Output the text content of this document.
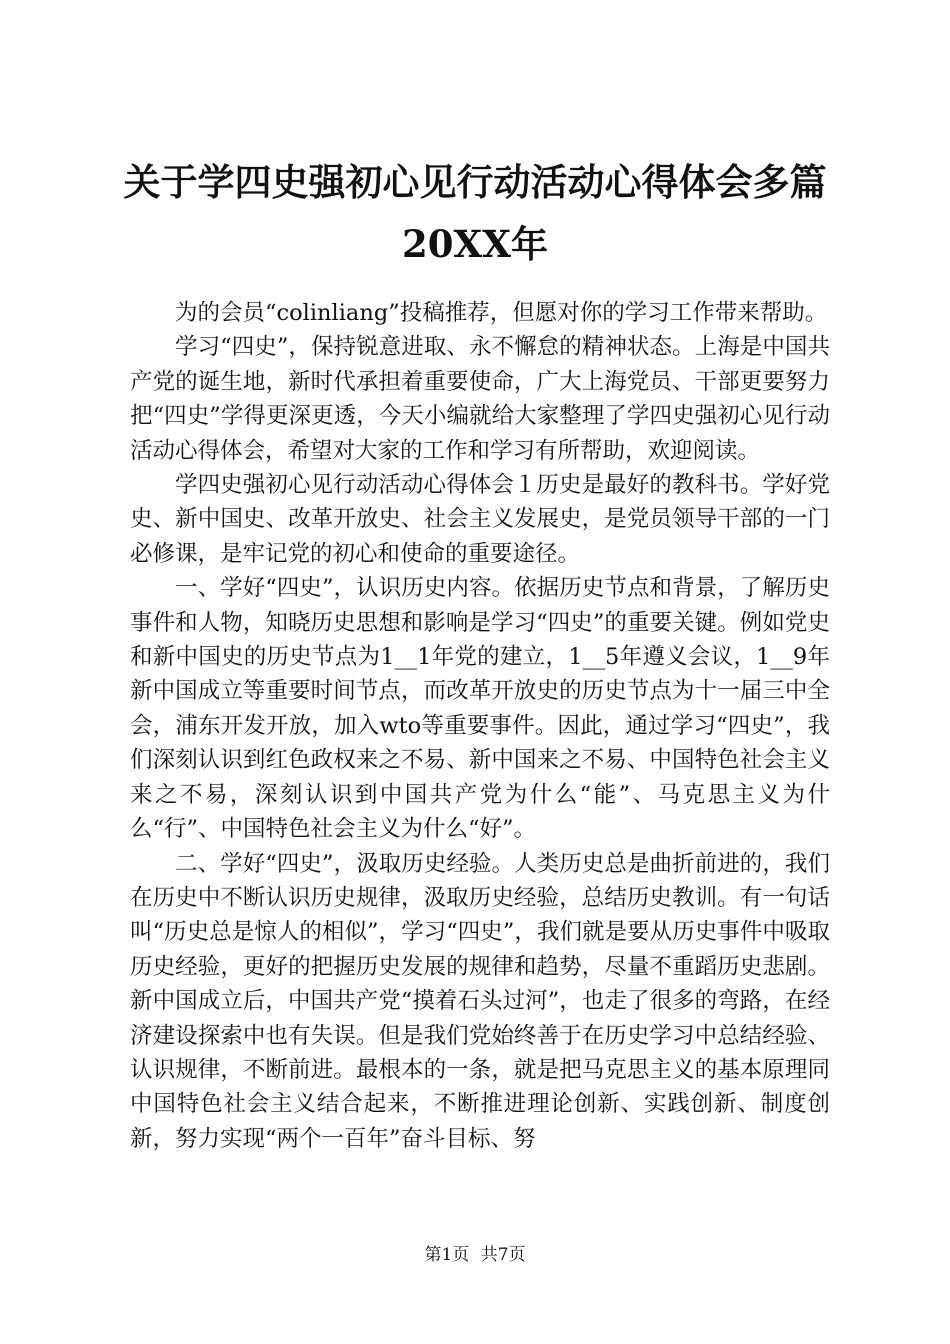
关于学四史强初心见行动活动心得体会多篇
20XX年

为的会员“colinliang”投稿推荐，但愿对你的学习工作带来帮助。

学习“四史”，保持锐意进取、永不懈怠的精神状态。上海是中国共产党的诞生地，新时代承担着重要使命，广大上海党员、干部更要努力把“四史”学得更深更透，今天小编就给大家整理了学四史强初心见行动活动心得体会，希望对大家的工作和学习有所帮助，欢迎阅读。

学四史强初心见行动活动心得体会１历史是最好的教科书。学好党史、新中国史、改革开放史、社会主义发展史，是党员领导干部的一门必修课，是牢记党的初心和使命的重要途径。

一、学好“四史”，认识历史内容。依据历史节点和背景，了解历史事件和人物，知晓历史思想和影响是学习“四史”的重要关键。例如党史和新中国史的历史节点为1__1年党的建立，1__5年遵义会议，1__9年新中国成立等重要时间节点，而改革开放史的历史节点为十一届三中全会，浦东开发开放，加入wto等重要事件。因此，通过学习“四史”，我们深刻认识到红色政权来之不易、新中国来之不易、中国特色社会主义来之不易，深刻认识到中国共产党为什么“能”、马克思主义为什么“行”、中国特色社会主义为什么“好”。

二、学好“四史”，汲取历史经验。人类历史总是曲折前进的，我们在历史中不断认识历史规律，汲取历史经验，总结历史教训。有一句话叫“历史总是惊人的相似”，学习“四史”，我们就是要从历史事件中吸取历史经验，更好的把握历史发展的规律和趋势，尽量不重蹈历史悲剧。新中国成立后，中国共产党“摸着石头过河”，也走了很多的弯路，在经济建设探索中也有失误。但是我们党始终善于在历史学习中总结经验、认识规律，不断前进。最根本的一条，就是把马克思主义的基本原理同中国特色社会主义结合起来，不断推进理论创新、实践创新、制度创新，努力实现“两个一百年”奋斗目标、努

第1页 共7页
